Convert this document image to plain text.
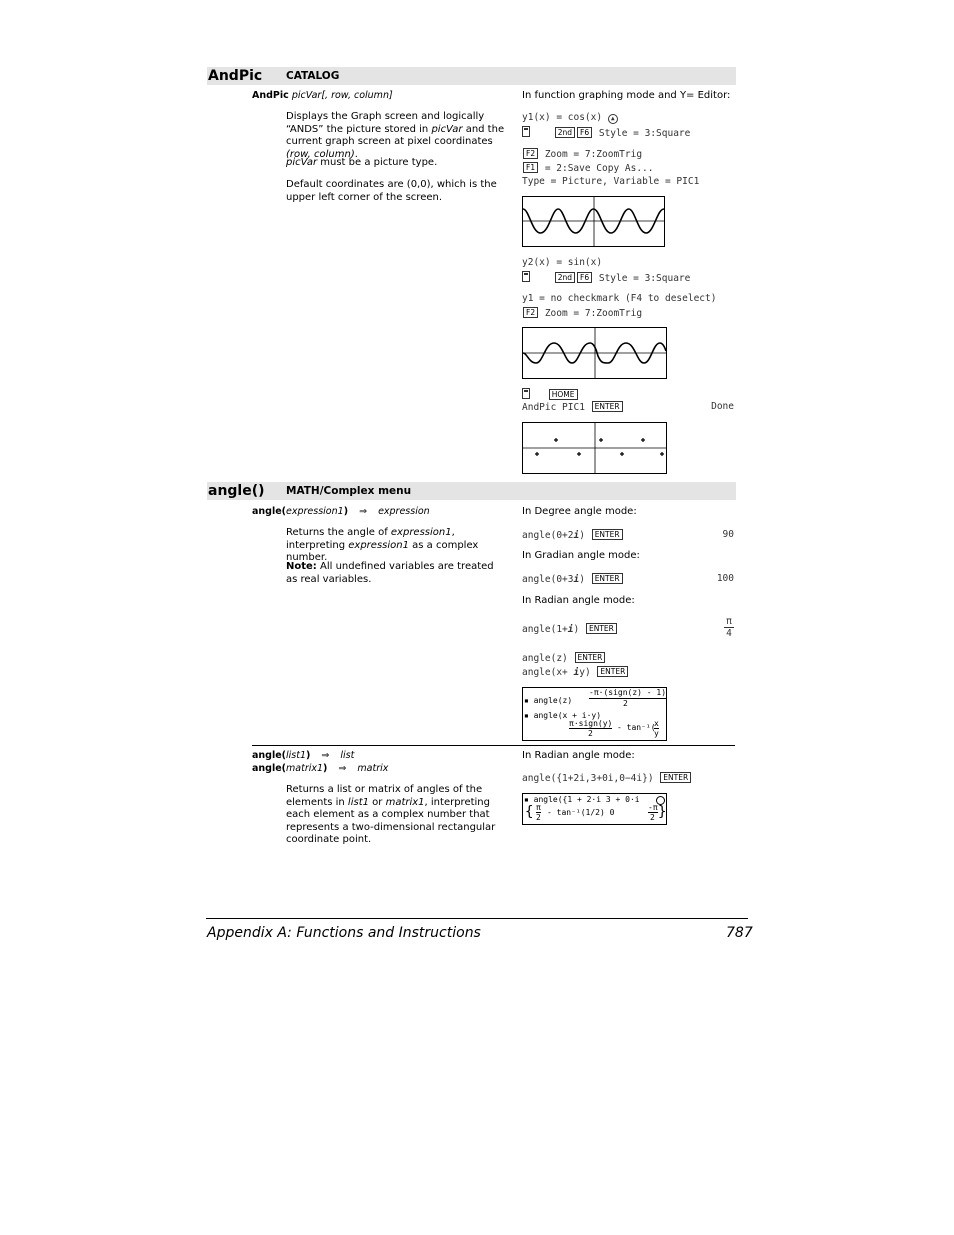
AndPic CATALOG
AndPic picVar[, row, column]
Displays the Graph screen and logically “ANDS” the picture stored in picVar and the current graph screen at pixel coordinates (row, column).
picVar must be a picture type.
Default coordinates are (0,0), which is the upper left corner of the screen.
In function graphing mode and Y= Editor:
y1(x) = cos(x) ▲
2nd F6 Style = 3:Square
F2 Zoom = 7:ZoomTrig
F1 = 2:Save Copy As...
Type = Picture, Variable = PIC1
y2(x) = sin(x)
2nd F6 Style = 3:Square
y1 = no checkmark (F4 to deselect)
F2 Zoom = 7:ZoomTrig
HOME
AndPic PIC1 ENTER	Done
angle() MATH/Complex menu
angle(expression1) ⇒ expression
Returns the angle of expression1, interpreting expression1 as a complex number.
Note: All undefined variables are treated as real variables.
In Degree angle mode:
angle(0+2i) ENTER	90
In Gradian angle mode:
angle(0+3i) ENTER	100
In Radian angle mode:
angle(1+i) ENTER	$\frac{\pi}{4}$
angle(z) ENTER
angle(x+ iy) ENTER
▪ angle(z)
-π·(sign(z) - 1)
2
▪ angle(x + i·y)
π·sign(y)
2
- tan⁻¹(
x
y
angle(list1) ⇒ list
angle(matrix1) ⇒ matrix
Returns a list or matrix of angles of the elements in list1 or matrix1, interpreting each element as a complex number that represents a two-dimensional rectangular coordinate point.
In Radian angle mode:
angle({1+2i,3+0i,0−4i}) ENTER
▪ angle({1 + 2·i 3 + 0·i
{ π
2
- tan⁻¹(1/2) 0
-π
2 }
Appendix A: Functions and Instructions	787
